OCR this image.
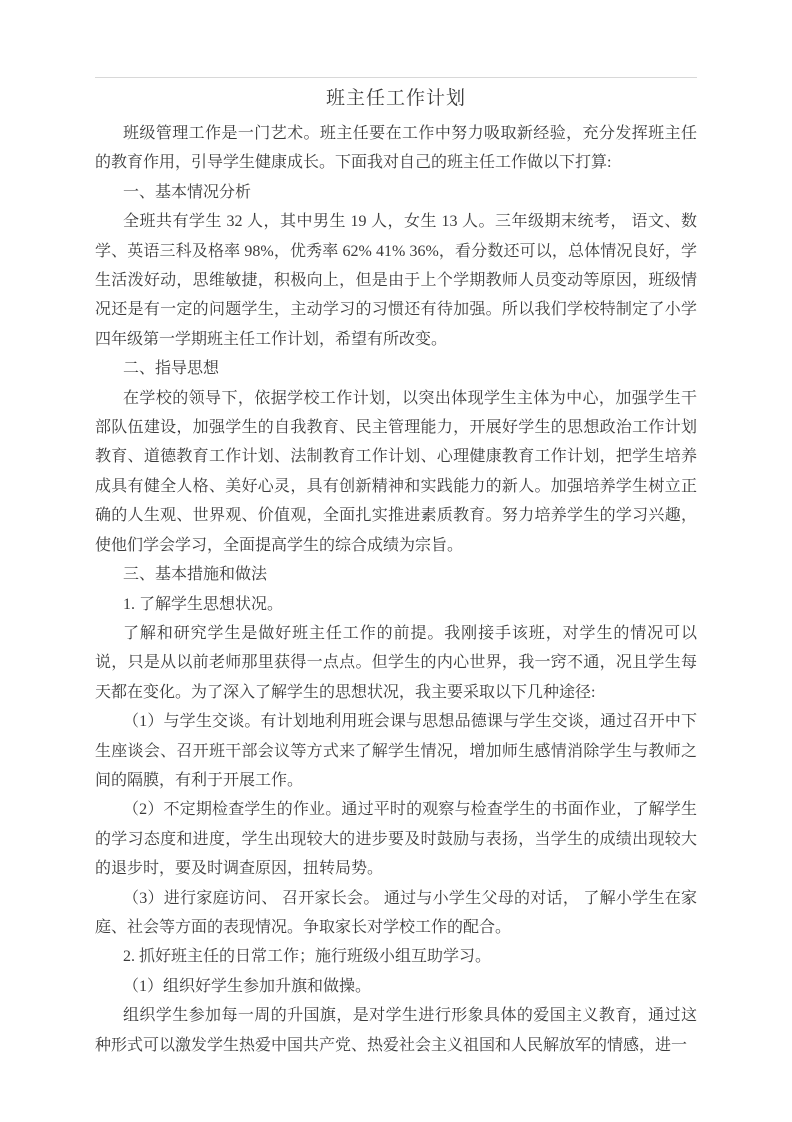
班主任工作计划

班级管理工作是一门艺术。班主任要在工作中努力吸取新经验，充分发挥班主任的教育作用，引导学生健康成长。下面我对自己的班主任工作做以下打算:

一、基本情况分析

全班共有学生 32 人，其中男生 19 人，女生 13 人。三年级期末统考， 语文、数学、英语三科及格率 98%，优秀率 62% 41% 36%，看分数还可以，总体情况良好，学生活泼好动，思维敏捷，积极向上，但是由于上个学期教师人员变动等原因，班级情况还是有一定的问题学生，主动学习的习惯还有待加强。所以我们学校特制定了小学四年级第一学期班主任工作计划，希望有所改变。

二、指导思想

在学校的领导下，依据学校工作计划，以突出体现学生主体为中心，加强学生干部队伍建设，加强学生的自我教育、民主管理能力，开展好学生的思想政治工作计划教育、道德教育工作计划、法制教育工作计划、心理健康教育工作计划，把学生培养成具有健全人格、美好心灵，具有创新精神和实践能力的新人。加强培养学生树立正确的人生观、世界观、价值观，全面扎实推进素质教育。努力培养学生的学习兴趣，使他们学会学习，全面提高学生的综合成绩为宗旨。

三、基本措施和做法

1. 了解学生思想状况。

了解和研究学生是做好班主任工作的前提。我刚接手该班，对学生的情况可以说，只是从以前老师那里获得一点点。但学生的内心世界，我一窍不通，况且学生每天都在变化。为了深入了解学生的思想状况，我主要采取以下几种途径:

（1）与学生交谈。有计划地利用班会课与思想品德课与学生交谈，通过召开中下生座谈会、召开班干部会议等方式来了解学生情况，增加师生感情消除学生与教师之间的隔膜，有利于开展工作。

（2）不定期检查学生的作业。通过平时的观察与检查学生的书面作业，了解学生的学习态度和进度，学生出现较大的进步要及时鼓励与表扬，当学生的成绩出现较大的退步时，要及时调查原因，扭转局势。

（3）进行家庭访问、 召开家长会。 通过与小学生父母的对话， 了解小学生在家庭、社会等方面的表现情况。争取家长对学校工作的配合。

2. 抓好班主任的日常工作；施行班级小组互助学习。

（1）组织好学生参加升旗和做操。

组织学生参加每一周的升国旗，是对学生进行形象具体的爱国主义教育，通过这种形式可以激发学生热爱中国共产党、热爱社会主义祖国和人民解放军的情感，进一
